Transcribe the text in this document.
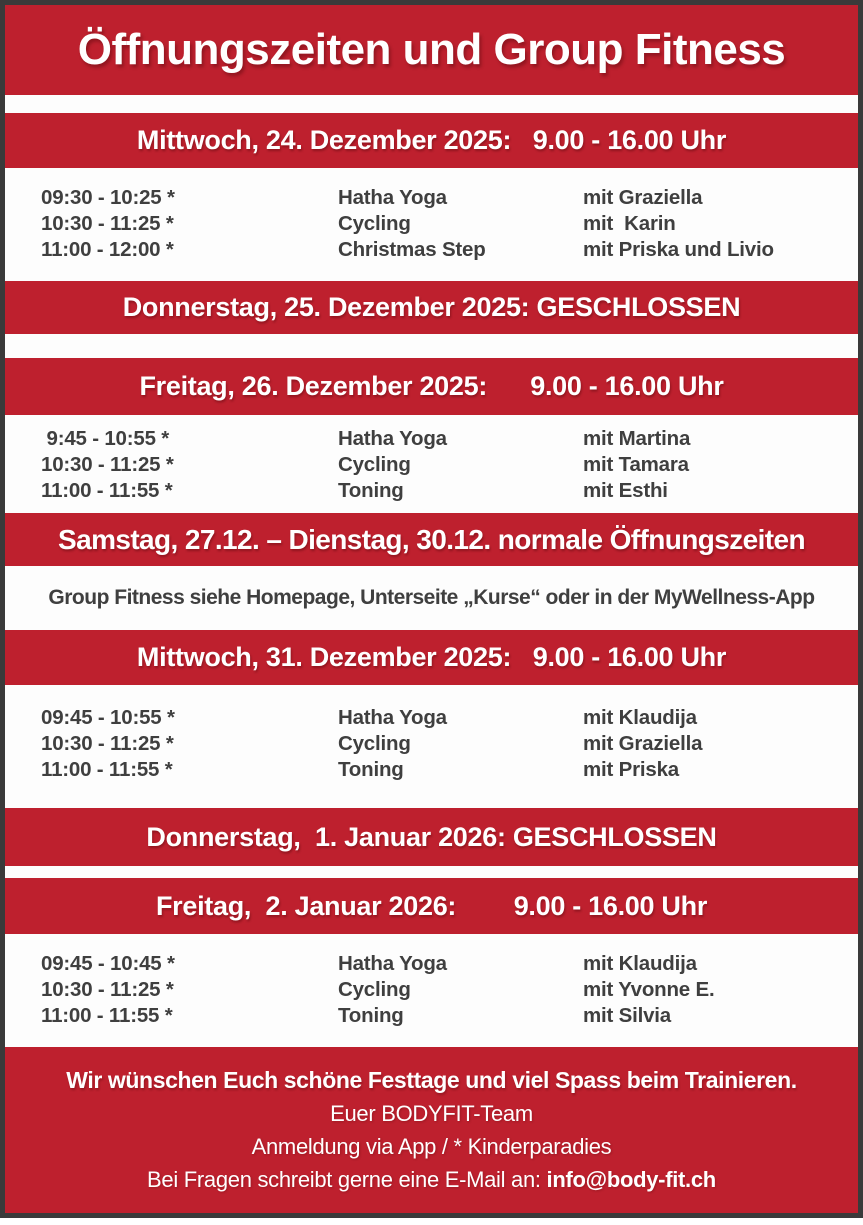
Öffnungszeiten und Group Fitness
Mittwoch, 24. Dezember 2025:   9.00 - 16.00 Uhr
09:30 - 10:25 *	Hatha Yoga	mit Graziella
10:30 - 11:25 *	Cycling	mit  Karin
11:00 - 12:00 *	Christmas Step	mit Priska und Livio
Donnerstag, 25. Dezember 2025: GESCHLOSSEN
Freitag, 26. Dezember 2025:      9.00 - 16.00 Uhr
9:45 - 10:55 *	Hatha Yoga	mit Martina
10:30 - 11:25 *	Cycling	mit Tamara
11:00 - 11:55 *	Toning	mit Esthi
Samstag, 27.12. – Dienstag, 30.12. normale Öffnungszeiten
Group Fitness siehe Homepage, Unterseite „Kurse“ oder in der MyWellness-App
Mittwoch, 31. Dezember 2025:   9.00 - 16.00 Uhr
09:45 - 10:55 *	Hatha Yoga	mit Klaudija
10:30 - 11:25 *	Cycling	mit Graziella
11:00 - 11:55 *	Toning	mit Priska
Donnerstag,  1. Januar 2026: GESCHLOSSEN
Freitag,  2. Januar 2026:        9.00 - 16.00 Uhr
09:45 - 10:45 *	Hatha Yoga	mit Klaudija
10:30 - 11:25 *	Cycling	mit Yvonne E.
11:00 - 11:55 *	Toning	mit Silvia
Wir wünschen Euch schöne Festtage und viel Spass beim Trainieren.
Euer BODYFIT-Team
Anmeldung via App / * Kinderparadies
Bei Fragen schreibt gerne eine E-Mail an: info@body-fit.ch
